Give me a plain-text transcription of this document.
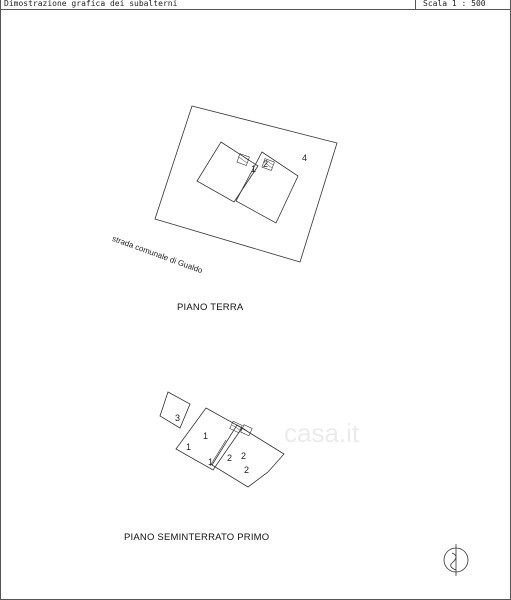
Dimostrazione grafica dei subalterni	Scala 1 : 500
casa.it
4
1 2
strada comunale di Gualdo
PIANO TERRA
3
1
1
1 2 2
2
PIANO SEMINTERRATO PRIMO
